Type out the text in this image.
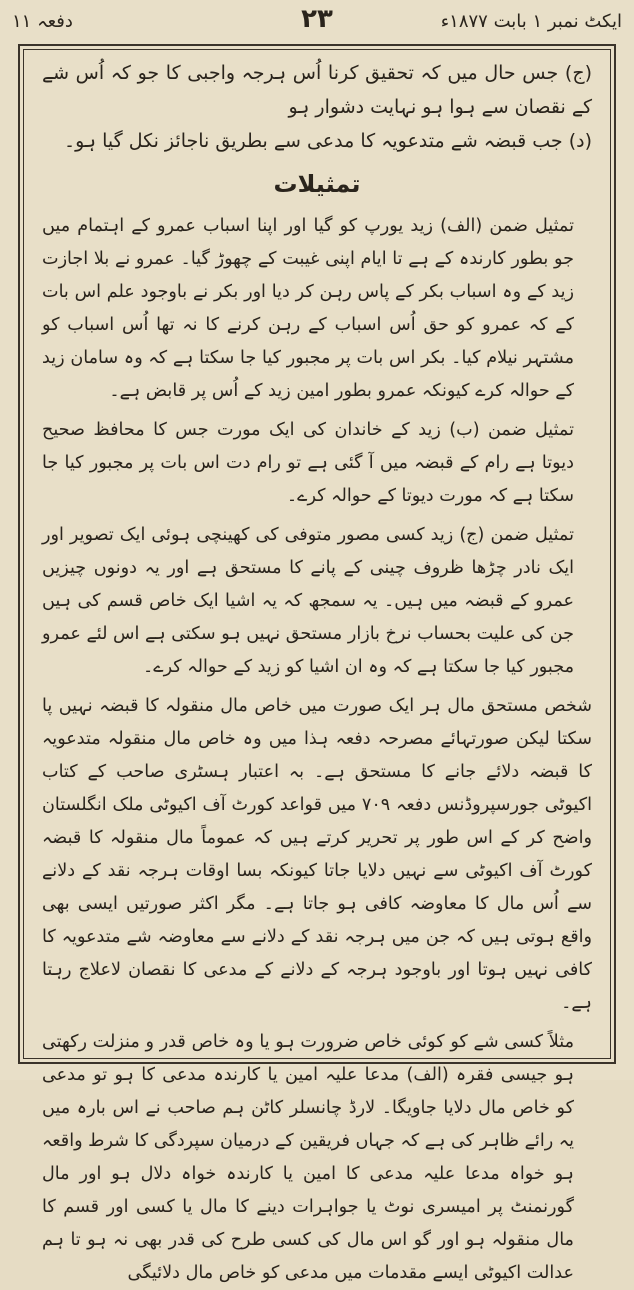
ایکٹ نمبر ۱ بابت ۱۸۷۷ء
۲۳
دفعہ ۱۱

(ج) جس حال میں کہ تحقیق کرنا اُس ہرجہ واجبی کا جو کہ اُس شے کے نقصان سے ہوا ہو نہایت دشوار ہو

(د) جب قبضہ شے متدعویہ کا مدعی سے بطریق ناجائز نکل گیا ہو۔

تمثیلات

تمثیل ضمن (الف) زید یورپ کو گیا اور اپنا اسباب عمرو کے اہتمام میں جو بطور کارندہ کے ہے تا ایام اپنی غیبت کے چھوڑ گیا۔ عمرو نے بلا اجازت زید کے وہ اسباب بکر کے پاس رہن کر دیا اور بکر نے باوجود علم اس بات کے کہ عمرو کو حق اُس اسباب کے رہن کرنے کا نہ تھا اُس اسباب کو مشتہر نیلام کیا۔ بکر اس بات پر مجبور کیا جا سکتا ہے کہ وہ سامان زید کے حوالہ کرے کیونکہ عمرو بطور امین زید کے اُس پر قابض ہے۔

تمثیل ضمن (ب) زید کے خاندان کی ایک مورت جس کا محافظ صحیح دیوتا ہے رام کے قبضہ میں آ گئی ہے تو رام دت اس بات پر مجبور کیا جا سکتا ہے کہ مورت دیوتا کے حوالہ کرے۔

تمثیل ضمن (ج) زید کسی مصور متوفی کی کھینچی ہوئی ایک تصویر اور ایک نادر چڑھا ظروف چینی کے پانے کا مستحق ہے اور یہ دونوں چیزیں عمرو کے قبضہ میں ہیں۔ یہ سمجھ کہ یہ اشیا ایک خاص قسم کی ہیں جن کی علیت بحساب نرخ بازار مستحق نہیں ہو سکتی ہے اس لئے عمرو مجبور کیا جا سکتا ہے کہ وہ ان اشیا کو زید کے حوالہ کرے۔

شخص مستحق مال ہر ایک صورت میں خاص مال منقولہ کا قبضہ نہیں پا سکتا لیکن صورتہائے مصرحہ دفعہ ہذا میں وہ خاص مال منقولہ متدعویہ کا قبضہ دلائے جانے کا مستحق ہے۔ بہ اعتبار ہسٹری صاحب کے کتاب اکیوٹی جورسپروڈنس دفعہ ۷۰۹ میں قواعد کورٹ آف اکیوٹی ملک انگلستان واضح کر کے اس طور پر تحریر کرتے ہیں کہ عموماً مال منقولہ کا قبضہ کورٹ آف اکیوٹی سے نہیں دلایا جاتا کیونکہ بسا اوقات ہرجہ نقد کے دلانے سے اُس مال کا معاوضہ کافی ہو جاتا ہے۔ مگر اکثر صورتیں ایسی بھی واقع ہوتی ہیں کہ جن میں ہرجہ نقد کے دلانے سے معاوضہ شے متدعویہ کا کافی نہیں ہوتا اور باوجود ہرجہ کے دلانے کے مدعی کا نقصان لاعلاج رہتا ہے۔

مثلاً کسی شے کو کوئی خاص ضرورت ہو یا وہ خاص قدر و منزلت رکھتی ہو جیسی فقرہ (الف) مدعا علیہ امین یا کارندہ مدعی کا ہو تو مدعی کو خاص مال دلایا جاویگا۔ لارڈ چانسلر کاٹن ہم صاحب نے اس بارہ میں یہ رائے ظاہر کی ہے کہ جہاں فریقین کے درمیان سپردگی کا شرط واقعہ ہو خواہ مدعا علیہ مدعی کا امین یا کارندہ خواہ دلال ہو اور مال گورنمنٹ پر امیسری نوٹ یا جواہرات دینے کا مال یا کسی اور قسم کا مال منقولہ ہو اور گو اس مال کی کسی طرح کی قدر بھی نہ ہو تا ہم عدالت اکیوٹی ایسے مقدمات میں مدعی کو خاص مال دلائیگی
